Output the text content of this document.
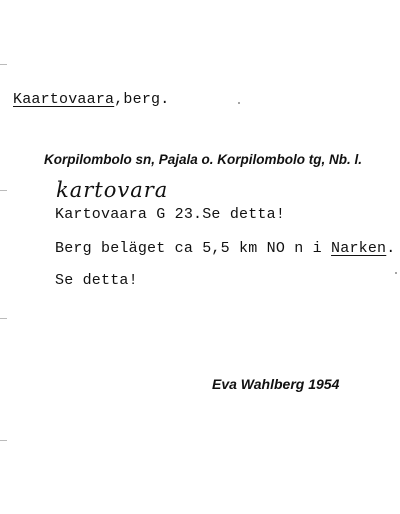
Kaartovaara,berg.
Korpilombolo sn, Pajala o. Korpilombolo tg, Nb. l.
kartovara
Kartovaara G 23.Se detta!
Berg beläget ca 5,5 km NO n i Narken.
Se detta!
Eva Wahlberg 1954
